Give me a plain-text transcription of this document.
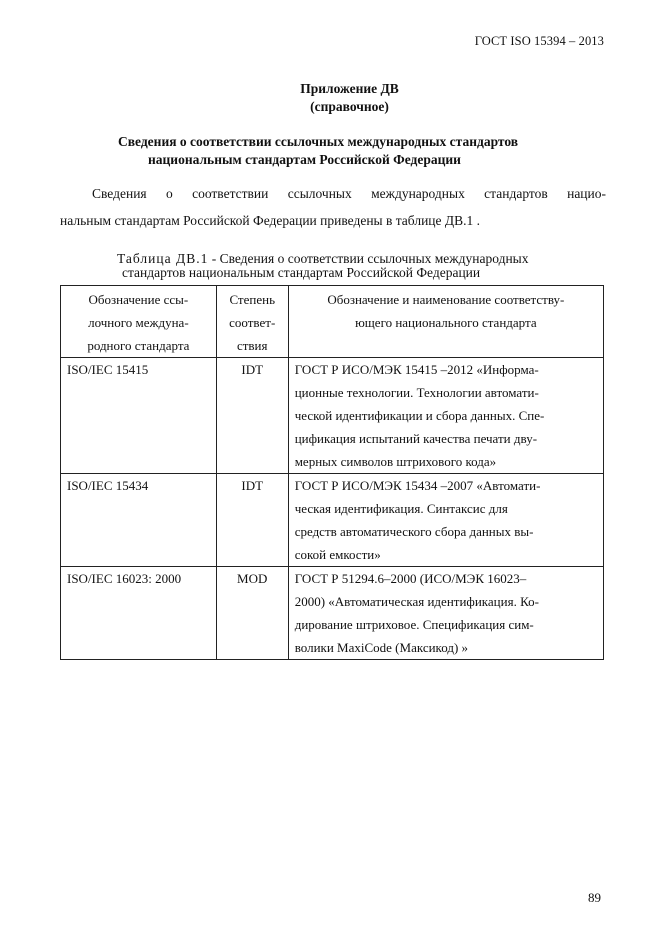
ГОСТ ISO 15394 – 2013
Приложение ДВ
(справочное)
Сведения о соответствии ссылочных международных стандартов
национальным стандартам Российской Федерации
Сведения о соответствии ссылочных международных стандартов нацио-
нальным стандартам Российской Федерации приведены в таблице ДВ.1 .
Таблица ДВ.1 - Сведения о соответствии ссылочных международных
стандартов национальным стандартам Российской Федерации
Обозначение ссы-
лочного междуна-
родного стандарта	Степень
соответ-
ствия	Обозначение и наименование соответству-
ющего национального стандарта
ISO/IEC 15415	IDT	ГОСТ Р ИСО/МЭК 15415 –2012 «Информа-
ционные технологии. Технологии автомати-
ческой идентификации и сбора данных. Спе-
цификация испытаний качества печати дву-
мерных символов штрихового кода»
ISO/IEC 15434	IDT	ГОСТ Р ИСО/МЭК 15434 –2007 «Автомати-
ческая идентификация. Синтаксис для
средств автоматического сбора данных вы-
сокой емкости»
ISO/IEC 16023: 2000	MOD	ГОСТ Р 51294.6–2000 (ИСО/МЭК 16023–
2000) «Автоматическая идентификация. Ко-
дирование штриховое. Спецификация сим-
волики MaxiCode (Максикод) »
89
